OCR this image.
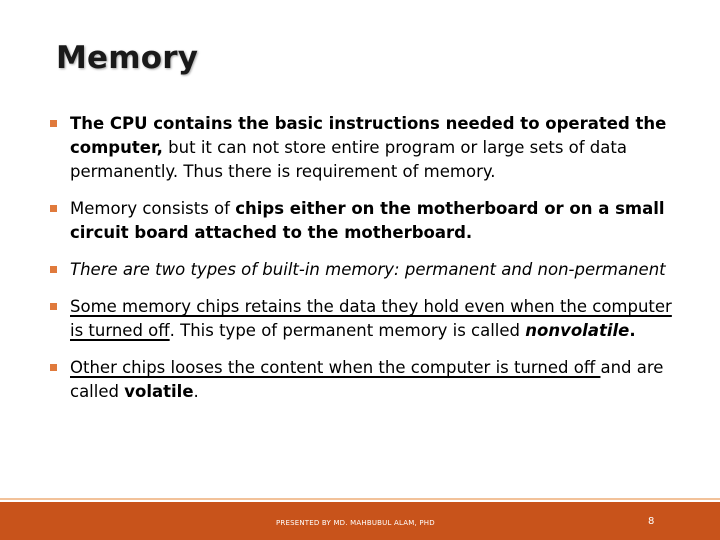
Memory
The CPU contains the basic instructions needed to operated the computer, but it can not store entire program or large sets of data permanently. Thus there is requirement of memory.
Memory consists of chips either on the motherboard or on a small circuit board attached to the motherboard.
There are two types of built-in memory: permanent and non-permanent
Some memory chips retains the data they hold even when the computer is turned off. This type of permanent memory is called nonvolatile.
Other chips looses the content when the computer is turned off and are called volatile.
PRESENTED BY MD. MAHBUBUL ALAM, PHD	8
